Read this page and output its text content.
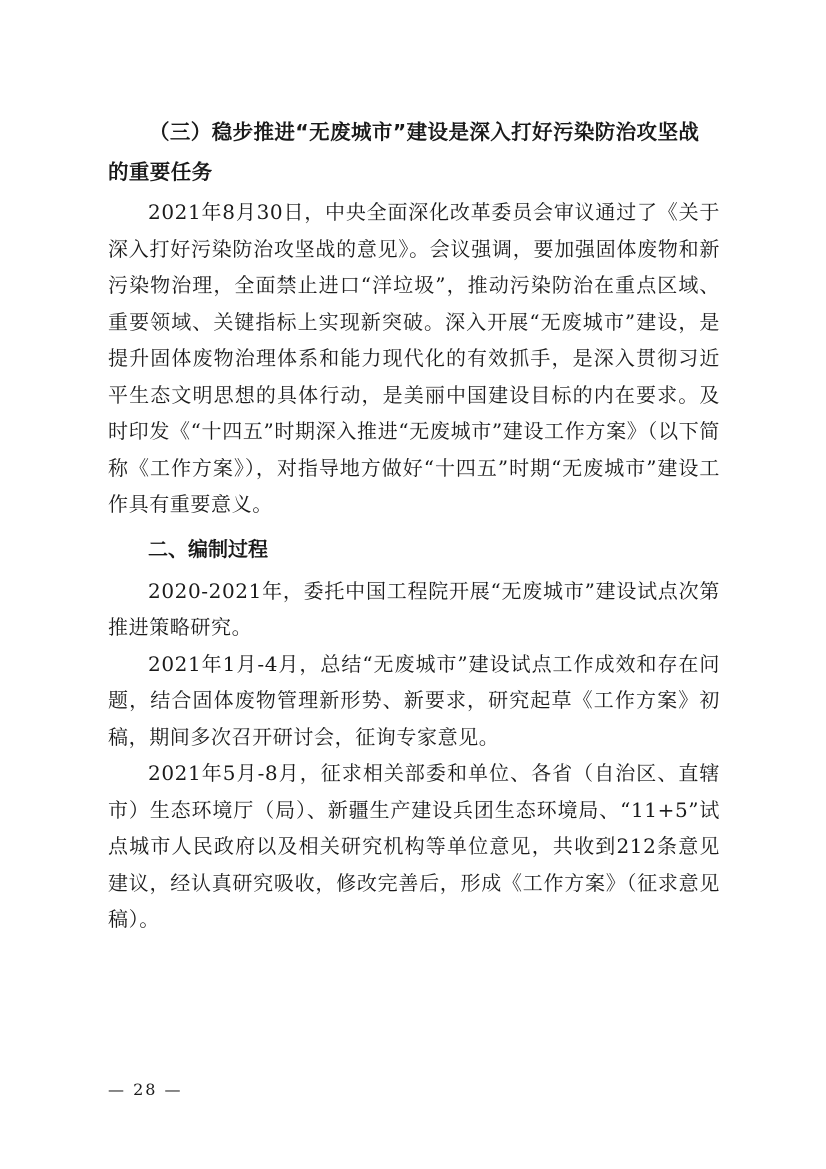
（三）稳步推进“无废城市”建设是深入打好污染防治攻坚战的重要任务

2021年8月30日，中央全面深化改革委员会审议通过了《关于深入打好污染防治攻坚战的意见》。会议强调，要加强固体废物和新污染物治理，全面禁止进口“洋垃圾”，推动污染防治在重点区域、重要领域、关键指标上实现新突破。深入开展“无废城市”建设，是提升固体废物治理体系和能力现代化的有效抓手，是深入贯彻习近平生态文明思想的具体行动，是美丽中国建设目标的内在要求。及时印发《“十四五”时期深入推进“无废城市”建设工作方案》（以下简称《工作方案》），对指导地方做好“十四五”时期“无废城市”建设工作具有重要意义。

二、编制过程

2020-2021年，委托中国工程院开展“无废城市”建设试点次第推进策略研究。

2021年1月-4月，总结“无废城市”建设试点工作成效和存在问题，结合固体废物管理新形势、新要求，研究起草《工作方案》初稿，期间多次召开研讨会，征询专家意见。

2021年5月-8月，征求相关部委和单位、各省（自治区、直辖市）生态环境厅（局）、新疆生产建设兵团生态环境局、“11+5”试点城市人民政府以及相关研究机构等单位意见，共收到212条意见建议，经认真研究吸收，修改完善后，形成《工作方案》（征求意见稿）。

— 28 —
